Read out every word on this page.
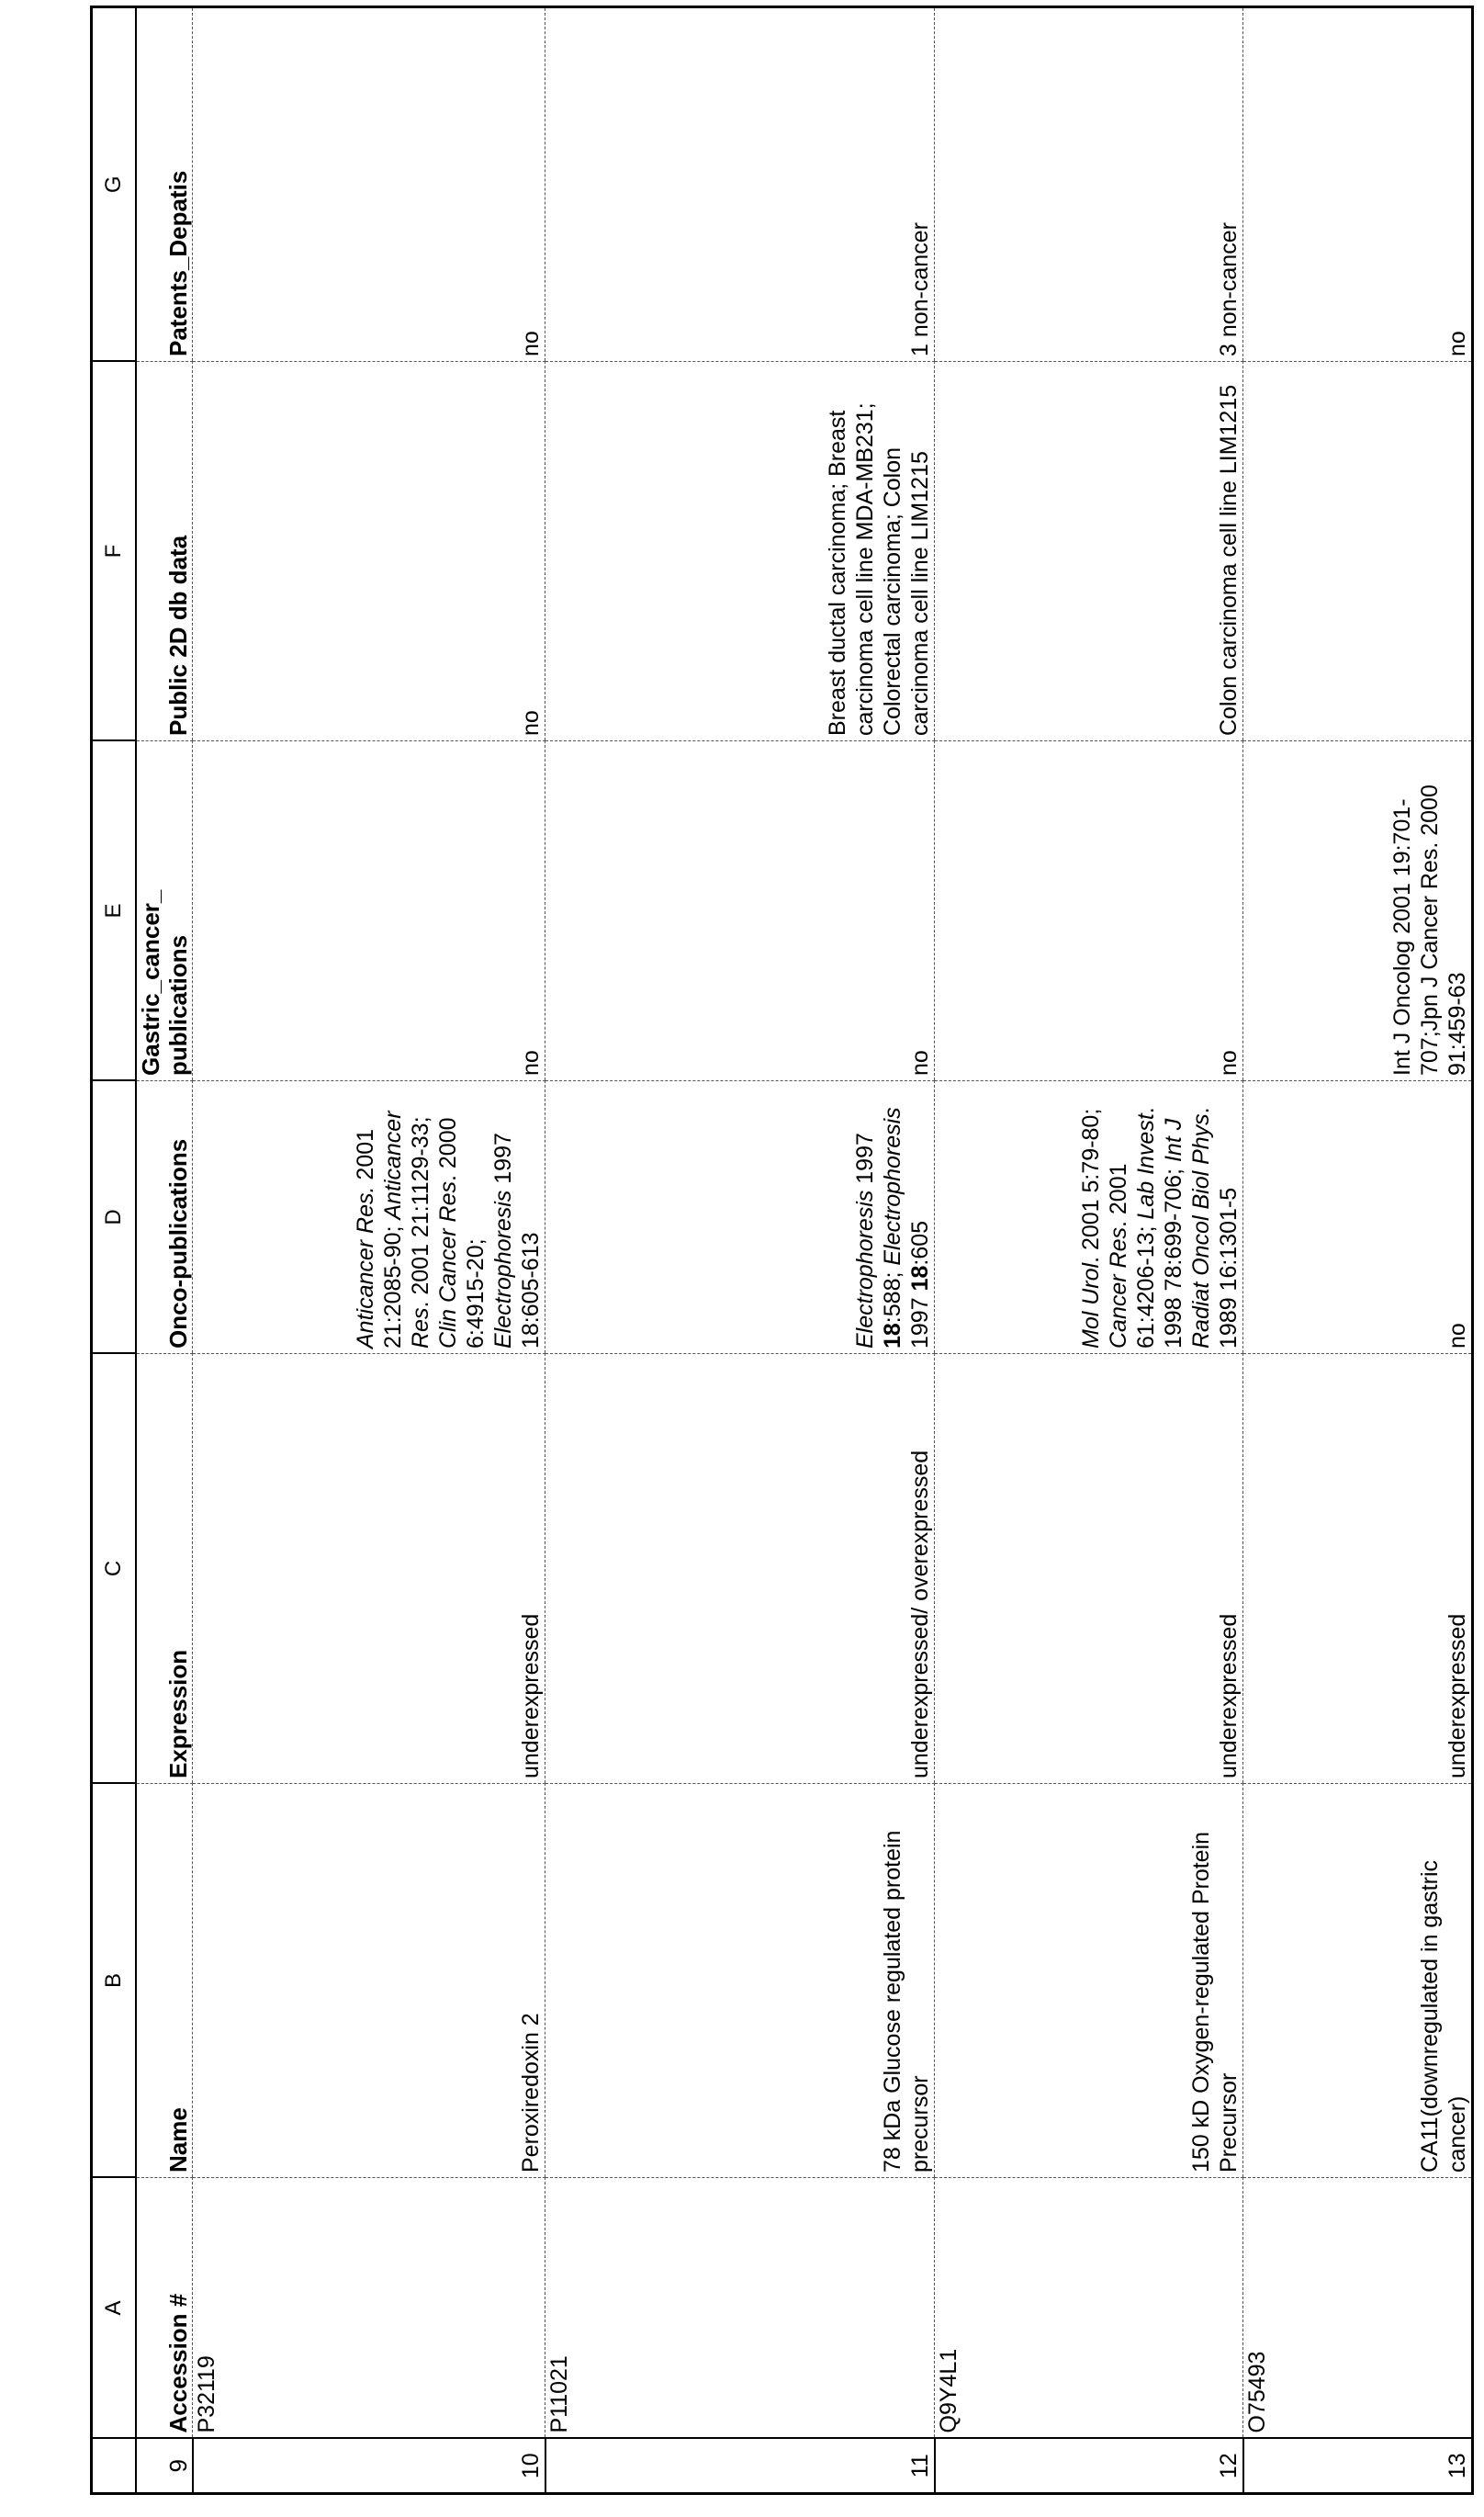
	A	B	C	D	E	F	G
9	Accession #	Name	Expression	Onco-publications	Gastric_cancer_ publications	Public 2D db data	Patents_Depatis
10	P32119	Peroxiredoxin 2	underexpressed	Anticancer Res. 2001 21:2085-90; Anticancer Res. 2001 21:1129-33; Clin Cancer Res. 2000 6:4915-20; Electrophoresis 1997 18:605-613	no	no	no
11	P11021	78 kDa Glucose regulated protein precursor	underexpressed/ overexpressed	Electrophoresis 1997 18:588; Electrophoresis 1997 18:605	no	Breast ductal carcinoma; Breast carcinoma cell line MDA-MB231; Colorectal carcinoma; Colon carcinoma cell line LIM1215	1 non-cancer
12	Q9Y4L1	150 kD Oxygen-regulated Protein Precursor	underexpressed	Mol Urol. 2001 5:79-80; Cancer Res. 2001 61:4206-13; Lab Invest. 1998 78:699-706; Int J Radiat Oncol Biol Phys. 1989 16:1301-5	no	Colon carcinoma cell line LIM1215	3 non-cancer
13	O75493	CA11(downregulated in gastric cancer)	underexpressed	no	Int J Oncolog 2001 19:701-707;Jpn J Cancer Res. 2000 91:459-63		no
